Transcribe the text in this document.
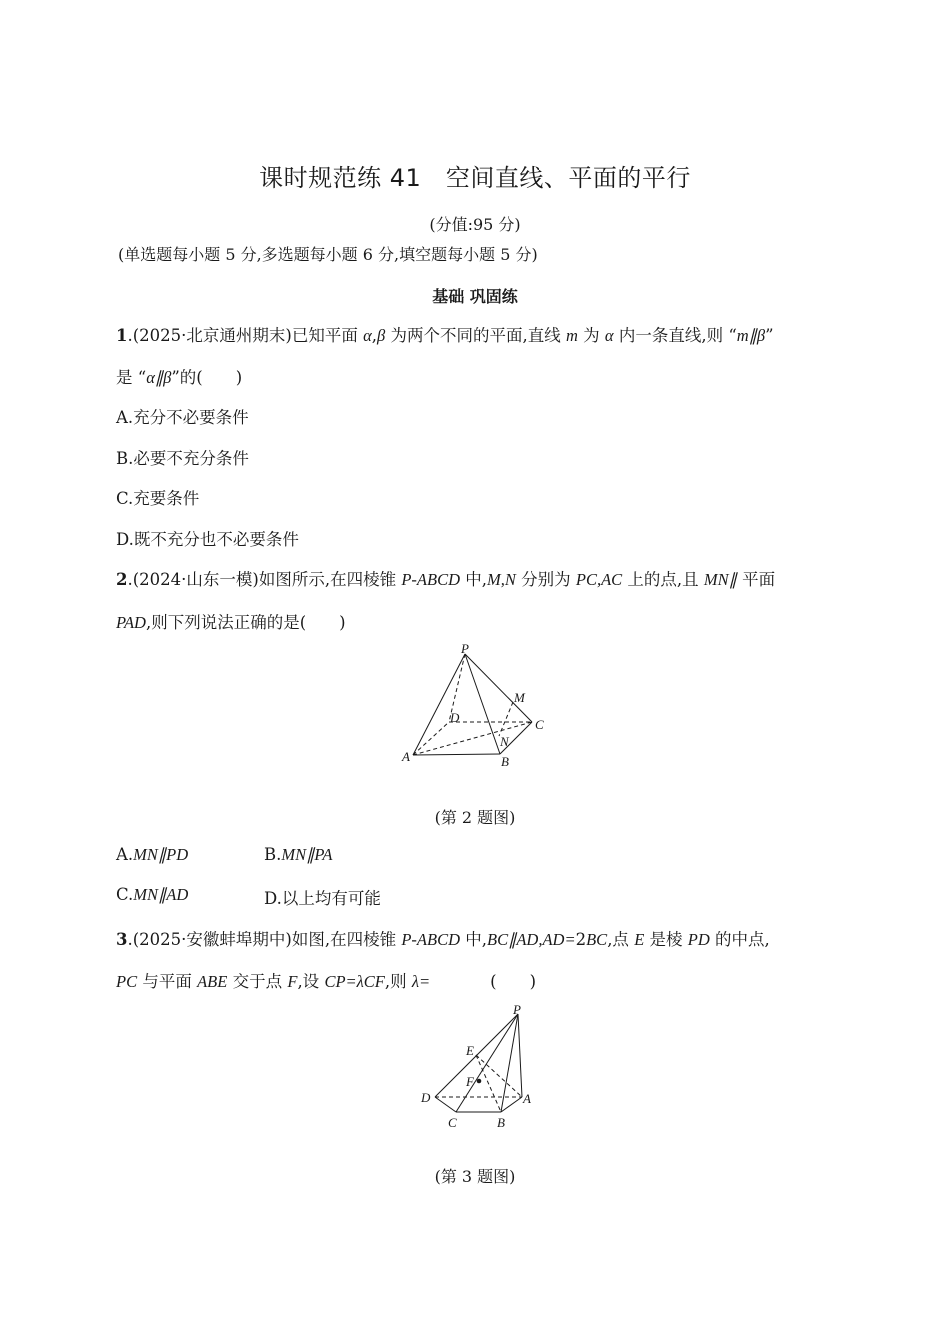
课时规范练 41　空间直线、平面的平行
(分值:95 分)
(单选题每小题 5 分,多选题每小题 6 分,填空题每小题 5 分)
基础 巩固练
1.(2025·北京通州期末)已知平面 α,β 为两个不同的平面,直线 m 为 α 内一条直线,则 “m∥β”
是 “α∥β”的(　　)
A.充分不必要条件
B.必要不充分条件
C.充要条件
D.既不充分也不必要条件
2.(2024·山东一模)如图所示,在四棱锥 P-ABCD 中,M,N 分别为 PC,AC 上的点,且 MN∥ 平面
PAD,则下列说法正确的是(　　)
P
M
D	C
N
A	B
(第 2 题图)
A.MN∥PD	B.MN∥PA
C.MN∥AD	D.以上均有可能
3.(2025·安徽蚌埠期中)如图,在四棱锥 P-ABCD 中,BC∥AD,AD=2BC,点 E 是棱 PD 的中点,
PC 与平面 ABE 交于点 F,设 CP=λCF,则 λ=	(　　)
P
E
F
D	A
C	B
(第 3 题图)
